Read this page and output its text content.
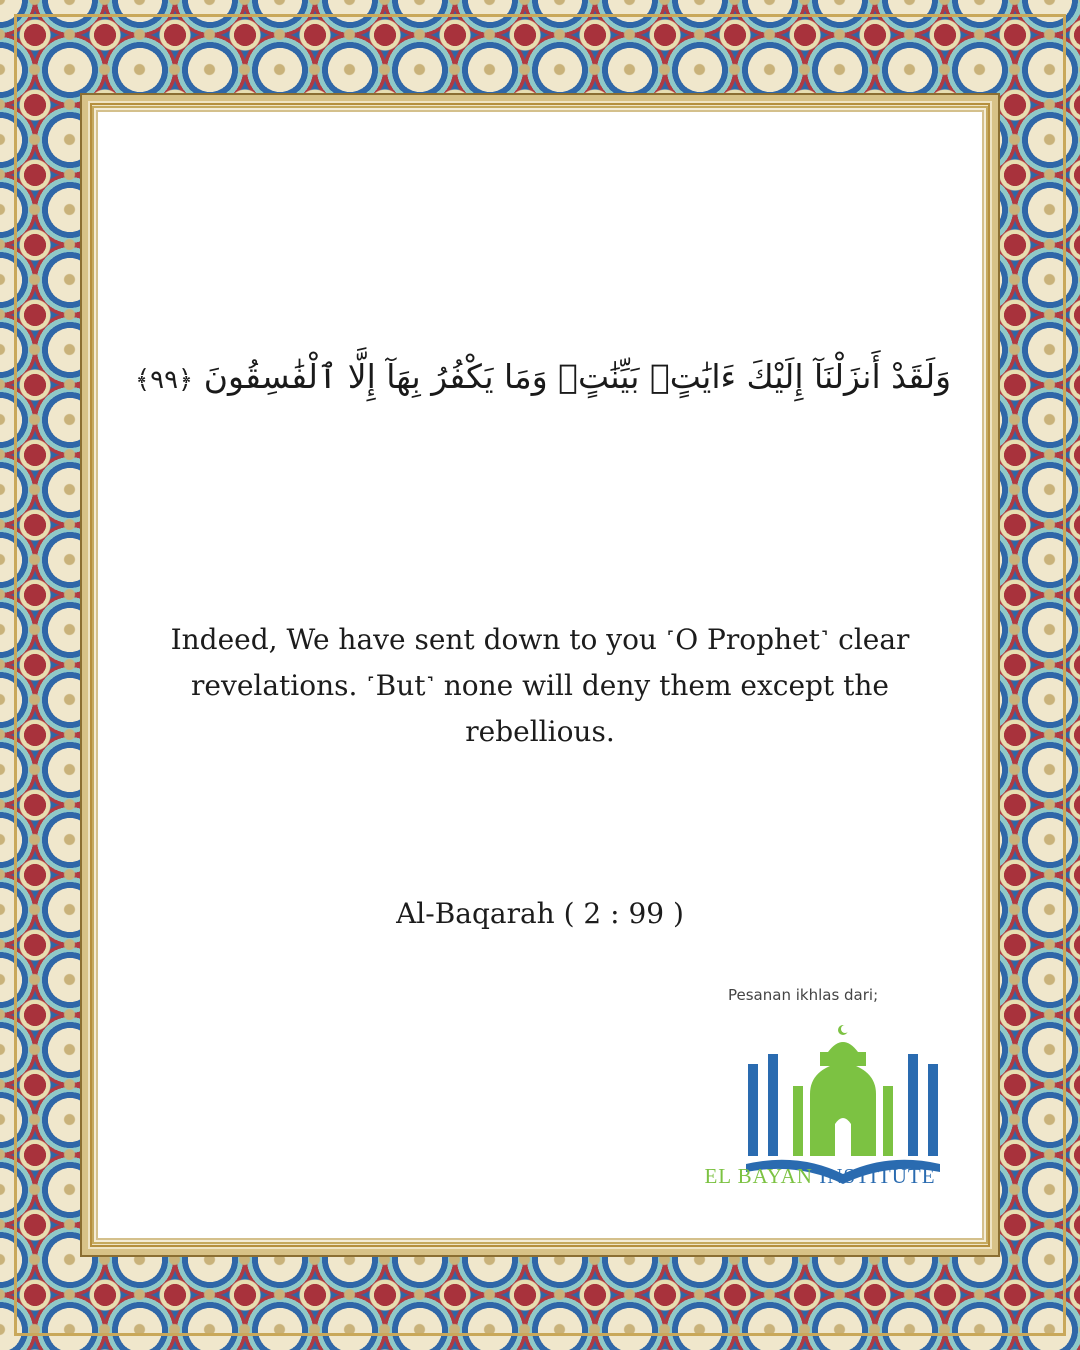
وَلَقَدْ أَنزَلْنَآ إِلَيْكَ ءَايَٰتٍۭ بَيِّنَٰتٍۖ وَمَا يَكْفُرُ بِهَآ إِلَّا ٱلْفَٰسِقُونَ ﴿٩٩﴾
Indeed, We have sent down to you ˹O Prophet˺ clear revelations. ˹But˺ none will deny them except the rebellious.
Al-Baqarah ( 2 : 99 )
Pesanan ikhlas dari;
EL BAYAN INSTITUTE
